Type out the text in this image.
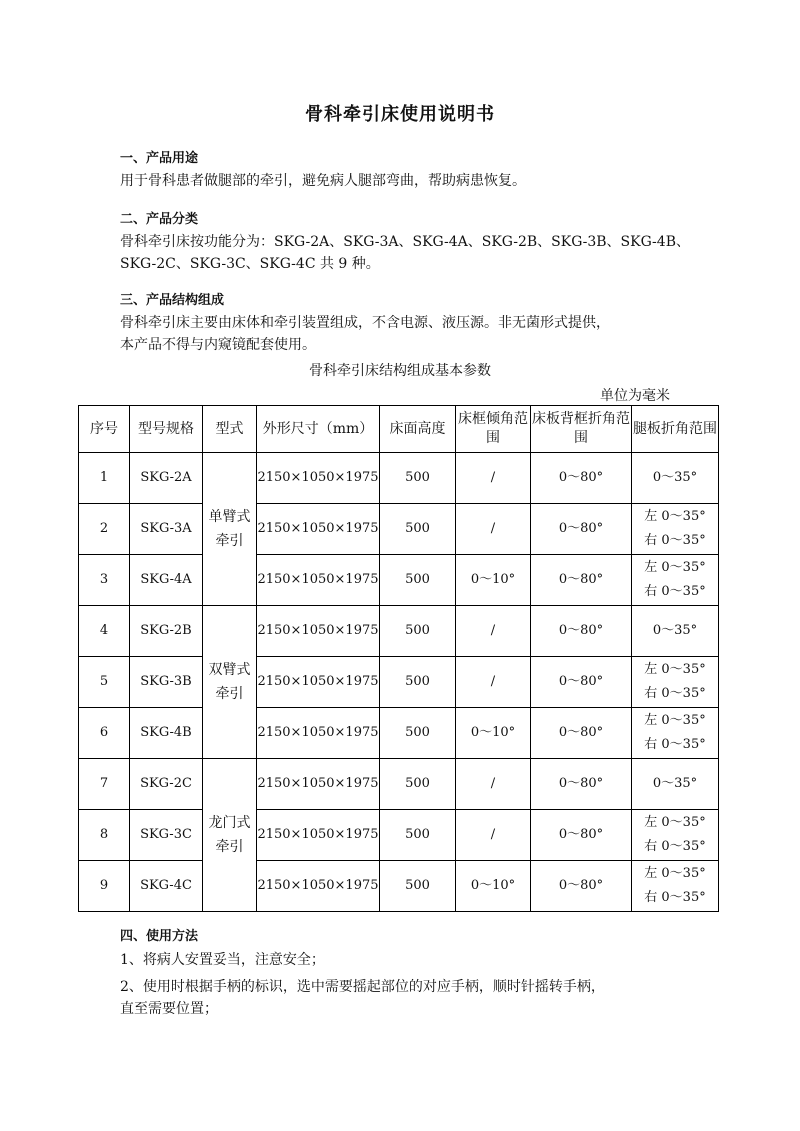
骨科牵引床使用说明书
一、产品用途
用于骨科患者做腿部的牵引，避免病人腿部弯曲，帮助病患恢复。
二、产品分类
骨科牵引床按功能分为：SKG-2A、SKG-3A、SKG-4A、SKG-2B、SKG-3B、SKG-4B、
SKG-2C、SKG-3C、SKG-4C 共 9 种。
三、产品结构组成
骨科牵引床主要由床体和牵引装置组成，不含电源、液压源。非无菌形式提供，
本产品不得与内窥镜配套使用。
骨科牵引床结构组成基本参数
单位为毫米
序号	型号规格	型式	外形尺寸（mm）	床面高度	床框倾角范围	床板背框折角范围	腿板折角范围
1	SKG-2A	单臂式牵引	2150×1050×1975	500	/	0～80°	0～35°
2	SKG-3A		2150×1050×1975	500	/	0～80°	左 0～35°
右 0～35°

3	SKG-4A		2150×1050×1975	500	0～10°	0～80°	左 0～35°
右 0～35°

4	SKG-2B	双臂式牵引	2150×1050×1975	500	/	0～80°	0～35°
5	SKG-3B		2150×1050×1975	500	/	0～80°	左 0～35°
右 0～35°

6	SKG-4B		2150×1050×1975	500	0～10°	0～80°	左 0～35°
右 0～35°

7	SKG-2C	龙门式牵引	2150×1050×1975	500	/	0～80°	0～35°
8	SKG-3C		2150×1050×1975	500	/	0～80°	左 0～35°
右 0～35°

9	SKG-4C		2150×1050×1975	500	0～10°	0～80°	左 0～35°
右 0～35°
四、使用方法
1、将病人安置妥当，注意安全；
2、使用时根据手柄的标识，选中需要摇起部位的对应手柄，顺时针摇转手柄，
直至需要位置；
